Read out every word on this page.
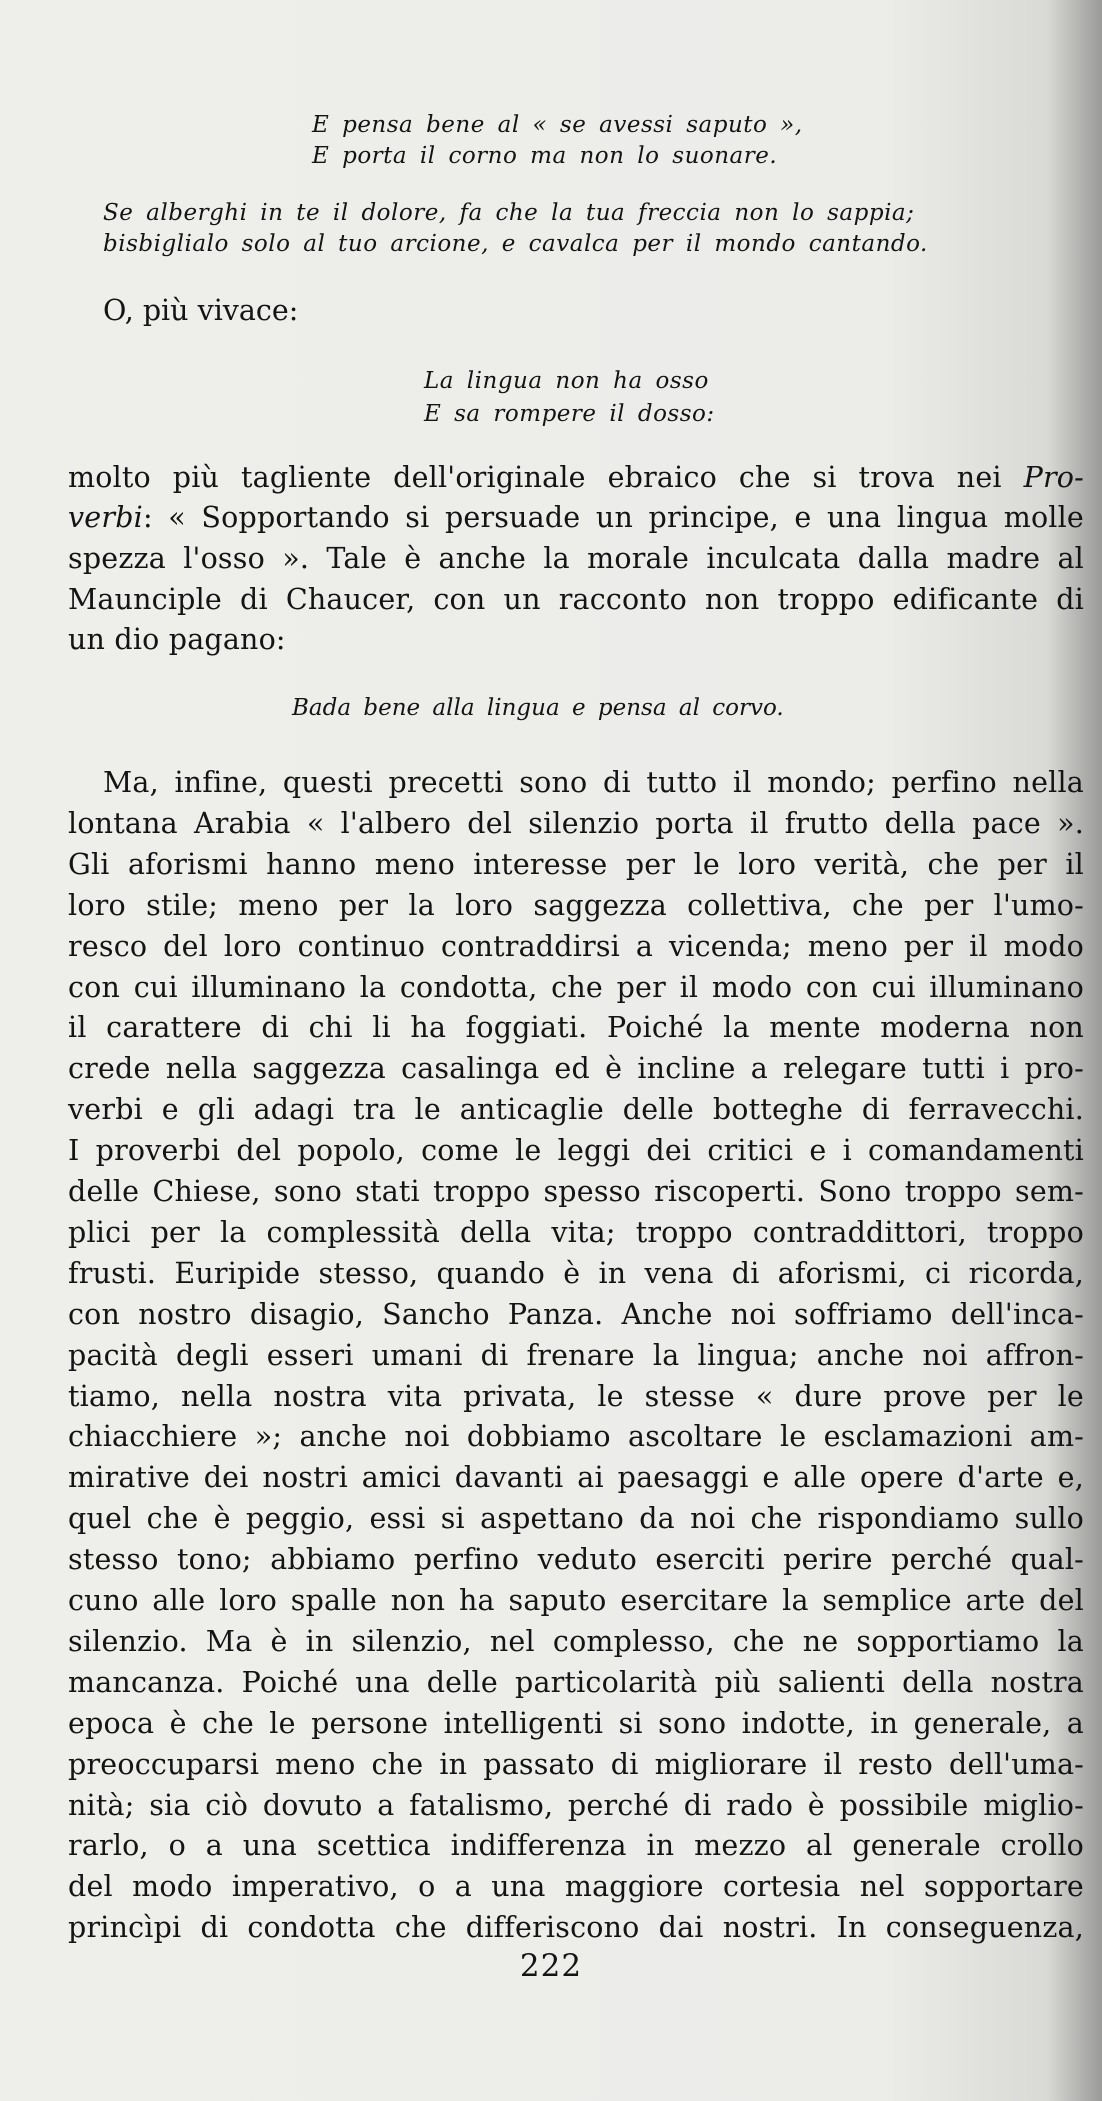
E pensa bene al « se avessi saputo »,
E porta il corno ma non lo suonare.
Se alberghi in te il dolore, fa che la tua freccia non lo sappia;
bisbiglialo solo al tuo arcione, e cavalca per il mondo cantando.
O, più vivace:
La lingua non ha osso
E sa rompere il dosso:
molto più tagliente dell'originale ebraico che si trova nei Pro-
verbi: « Sopportando si persuade un principe, e una lingua molle
spezza l'osso ». Tale è anche la morale inculcata dalla madre al
Maunciple di Chaucer, con un racconto non troppo edificante di
un dio pagano:
Bada bene alla lingua e pensa al corvo.
Ma, infine, questi precetti sono di tutto il mondo; perfino nella
lontana Arabia « l'albero del silenzio porta il frutto della pace ».
Gli aforismi hanno meno interesse per le loro verità, che per il
loro stile; meno per la loro saggezza collettiva, che per l'umo-
resco del loro continuo contraddirsi a vicenda; meno per il modo
con cui illuminano la condotta, che per il modo con cui illuminano
il carattere di chi li ha foggiati. Poiché la mente moderna non
crede nella saggezza casalinga ed è incline a relegare tutti i pro-
verbi e gli adagi tra le anticaglie delle botteghe di ferravecchi.
I proverbi del popolo, come le leggi dei critici e i comandamenti
delle Chiese, sono stati troppo spesso riscoperti. Sono troppo sem-
plici per la complessità della vita; troppo contraddittori, troppo
frusti. Euripide stesso, quando è in vena di aforismi, ci ricorda,
con nostro disagio, Sancho Panza. Anche noi soffriamo dell'inca-
pacità degli esseri umani di frenare la lingua; anche noi affron-
tiamo, nella nostra vita privata, le stesse « dure prove per le
chiacchiere »; anche noi dobbiamo ascoltare le esclamazioni am-
mirative dei nostri amici davanti ai paesaggi e alle opere d'arte e,
quel che è peggio, essi si aspettano da noi che rispondiamo sullo
stesso tono; abbiamo perfino veduto eserciti perire perché qual-
cuno alle loro spalle non ha saputo esercitare la semplice arte del
silenzio. Ma è in silenzio, nel complesso, che ne sopportiamo la
mancanza. Poiché una delle particolarità più salienti della nostra
epoca è che le persone intelligenti si sono indotte, in generale, a
preoccuparsi meno che in passato di migliorare il resto dell'uma-
nità; sia ciò dovuto a fatalismo, perché di rado è possibile miglio-
rarlo, o a una scettica indifferenza in mezzo al generale crollo
del modo imperativo, o a una maggiore cortesia nel sopportare
princìpi di condotta che differiscono dai nostri. In conseguenza,
222
